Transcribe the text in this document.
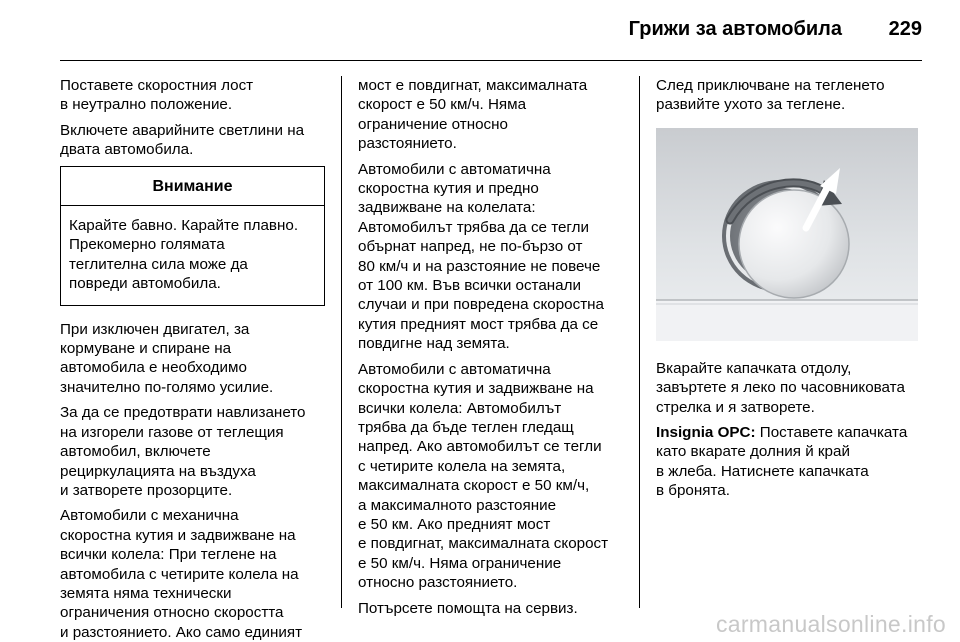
Грижи за автомобила 229

Поставете скоростния лост
в неутрално положение.

Включете аварийните светлини на
двата автомобила.

Внимание
Карайте бавно. Карайте плавно.
Прекомерно голямата
теглителна сила може да
повреди автомобила.

При изключен двигател, за
кормуване и спиране на
автомобила е необходимо
значително по-голямо усилие.

За да се предотврати навлизането
на изгорели газове от теглещия
автомобил, включете
рециркулацията на въздуха
и затворете прозорците.

Автомобили с механична
скоростна кутия и задвижване на
всички колела: При теглене на
автомобила с четирите колела на
земята няма технически
ограничения относно скоростта
и разстоянието. Ако само единият

мост е повдигнат, максималната
скорост е 50 км/ч. Няма
ограничение относно
разстоянието.

Автомобили с автоматична
скоростна кутия и предно
задвижване на колелата:
Автомобилът трябва да се тегли
обърнат напред, не по-бързо от
80 км/ч и на разстояние не повече
от 100 км. Във всички останали
случаи и при повредена скоростна
кутия предният мост трябва да се
повдигне над земята.

Автомобили с автоматична
скоростна кутия и задвижване на
всички колела: Автомобилът
трябва да бъде теглен гледащ
напред. Ако автомобилът се тегли
с четирите колела на земята,
максималната скорост е 50 км/ч,
а максималното разстояние
е 50 км. Ако предният мост
е повдигнат, максималната скорост
е 50 км/ч. Няма ограничение
относно разстоянието.

Потърсете помощта на сервиз.

След приключване на тегленето
развийте ухото за теглене.

Вкарайте капачката отдолу,
завъртете я леко по часовниковата
стрелка и я затворете.

Insignia OPC: Поставете капачката
като вкарате долния й край
в жлеба. Натиснете капачката
в бронята.

carmanualsonline.info
